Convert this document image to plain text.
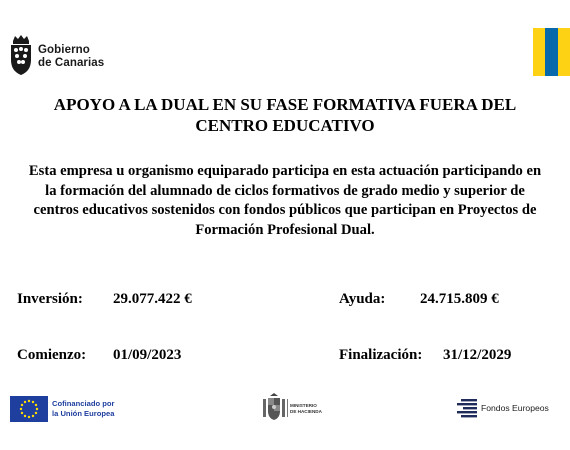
Gobierno
de Canarias
APOYO A LA DUAL EN SU FASE FORMATIVA FUERA DEL
CENTRO EDUCATIVO
Esta empresa u organismo equiparado participa en esta actuación participando en
la formación del alumnado de ciclos formativos de grado medio y superior de
centros educativos sostenidos con fondos públicos que participan en Proyectos de
Formación Profesional Dual.
Inversión: 29.077.422 €	Ayuda: 24.715.809 €
Comienzo: 01/09/2023	Finalización: 31/12/2029
Cofinanciado por
la Unión Europea
MINISTERIO
DE HACIENDA	Fondos Europeos
